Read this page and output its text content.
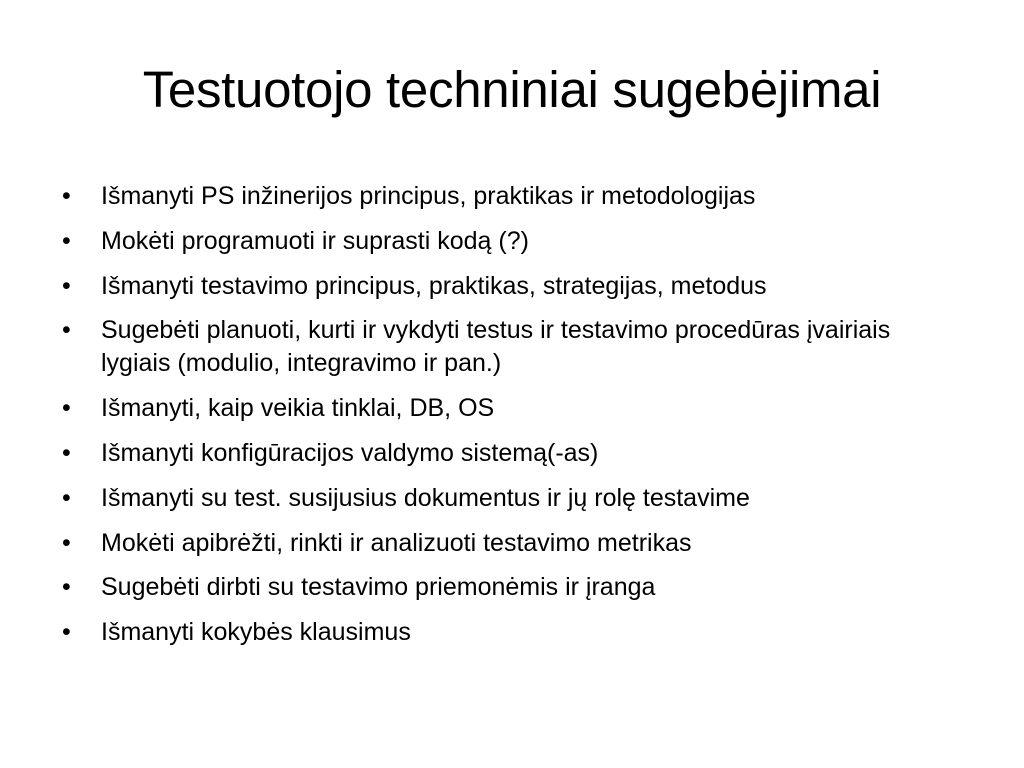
Testuotojo techniniai sugebėjimai
•	Išmanyti PS inžinerijos principus, praktikas ir metodologijas
•	Mokėti programuoti ir suprasti kodą (?)
•	Išmanyti testavimo principus, praktikas, strategijas, metodus
•	Sugebėti planuoti, kurti ir vykdyti testus ir testavimo procedūras įvairiais lygiais (modulio, integravimo ir pan.)
•	Išmanyti, kaip veikia tinklai, DB, OS
•	Išmanyti konfigūracijos valdymo sistemą(-as)
•	Išmanyti su test. susijusius dokumentus ir jų rolę testavime
•	Mokėti apibrėžti, rinkti ir analizuoti testavimo metrikas
•	Sugebėti dirbti su testavimo priemonėmis ir įranga
•	Išmanyti kokybės klausimus
